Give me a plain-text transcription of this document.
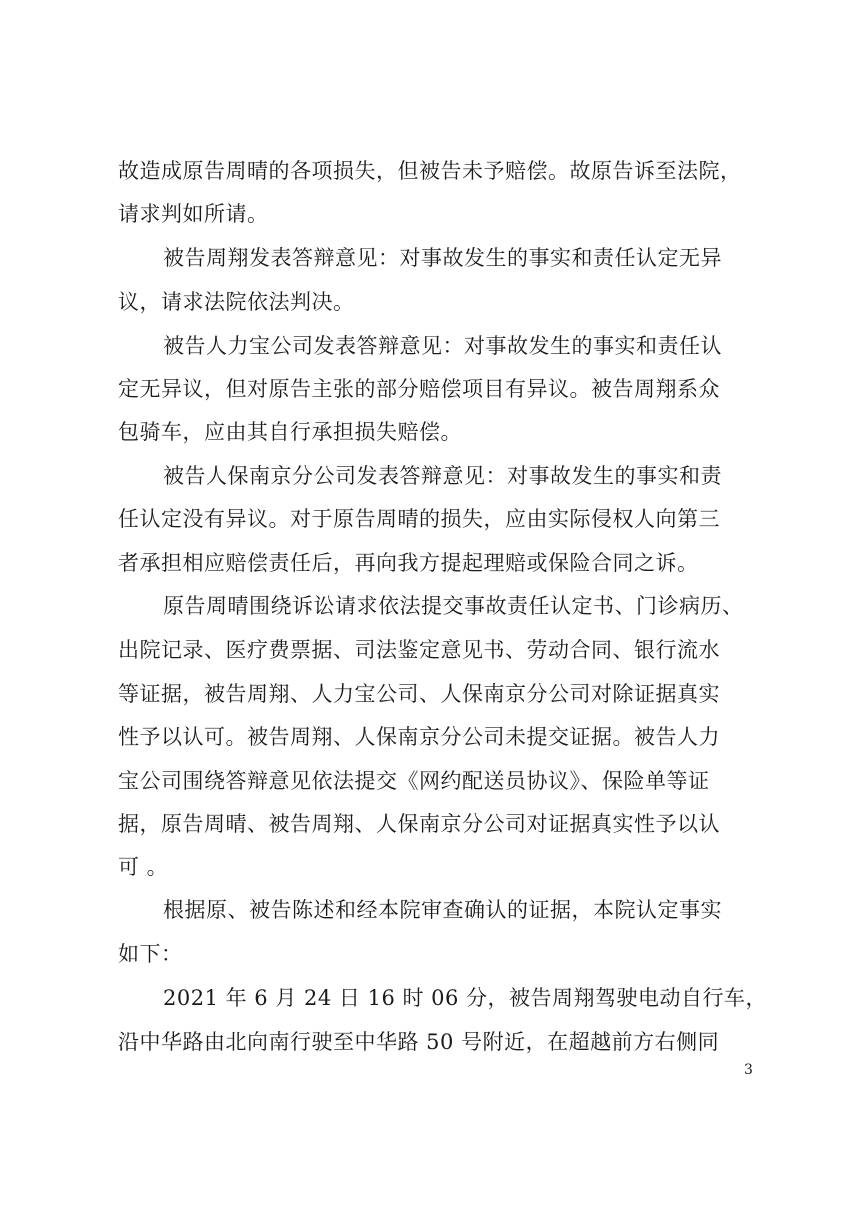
故造成原告周晴的各项损失，但被告未予赔偿。故原告诉至法院，
请求判如所请。
被告周翔发表答辩意见：对事故发生的事实和责任认定无异
议，请求法院依法判决。
被告人力宝公司发表答辩意见：对事故发生的事实和责任认
定无异议，但对原告主张的部分赔偿项目有异议。被告周翔系众
包骑车，应由其自行承担损失赔偿。
被告人保南京分公司发表答辩意见：对事故发生的事实和责
任认定没有异议。对于原告周晴的损失，应由实际侵权人向第三
者承担相应赔偿责任后，再向我方提起理赔或保险合同之诉。
原告周晴围绕诉讼请求依法提交事故责任认定书、门诊病历、
出院记录、医疗费票据、司法鉴定意见书、劳动合同、银行流水
等证据，被告周翔、人力宝公司、人保南京分公司对除证据真实
性予以认可。被告周翔、人保南京分公司未提交证据。被告人力
宝公司围绕答辩意见依法提交《网约配送员协议》、保险单等证
据，原告周晴、被告周翔、人保南京分公司对证据真实性予以认
可 。
根据原、被告陈述和经本院审查确认的证据，本院认定事实
如下：
2021 年 6 月 24 日 16 时 06 分，被告周翔驾驶电动自行车，
沿中华路由北向南行驶至中华路 50 号附近，在超越前方右侧同
3
